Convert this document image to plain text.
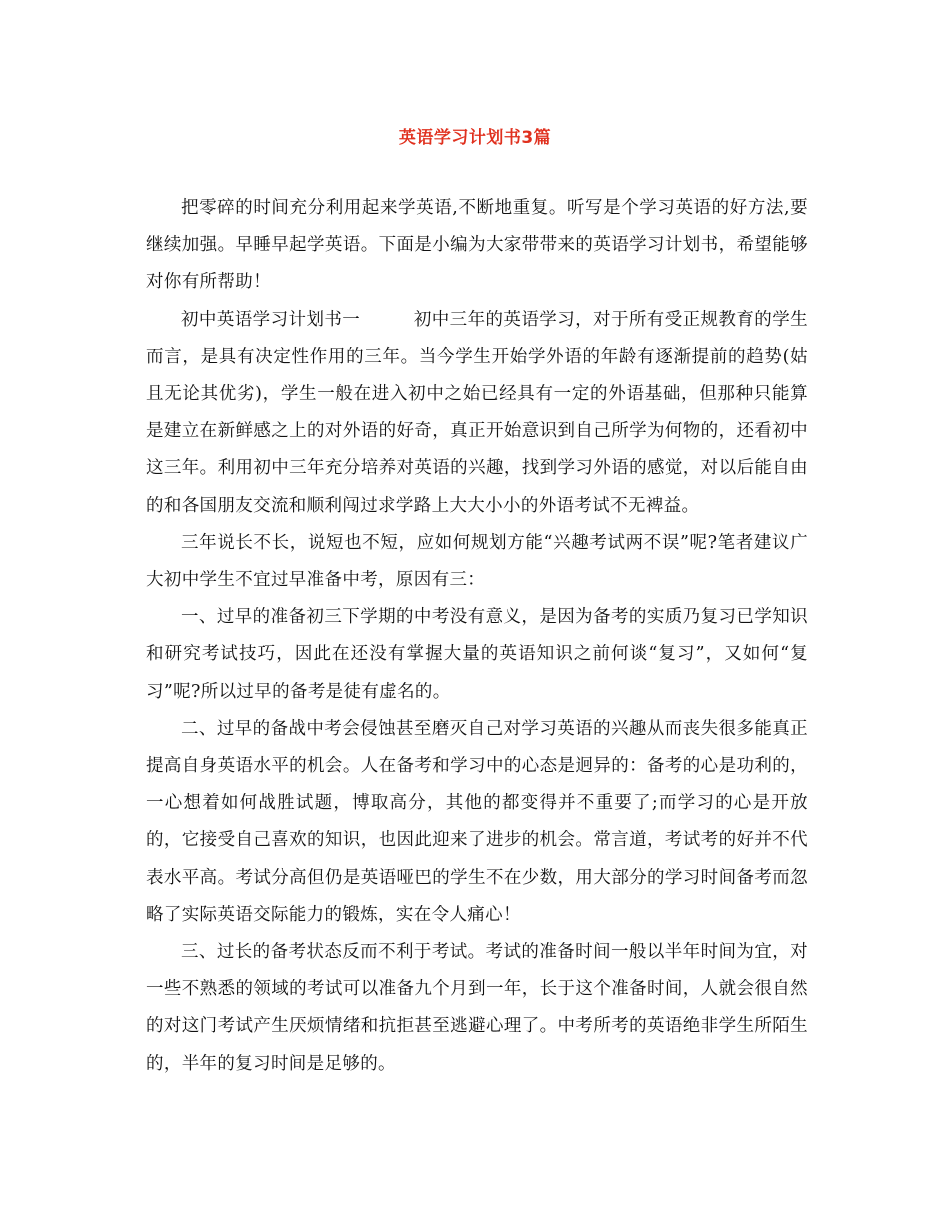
英语学习计划书3篇

把零碎的时间充分利用起来学英语,不断地重复。听写是个学习英语的好方法,要继续加强。早睡早起学英语。下面是小编为大家带带来的英语学习计划书，希望能够对你有所帮助！

初中英语学习计划书一   	初中三年的英语学习，对于所有受正规教育的学生而言，是具有决定性作用的三年。当今学生开始学外语的年龄有逐渐提前的趋势(姑且无论其优劣)，学生一般在进入初中之始已经具有一定的外语基础，但那种只能算是建立在新鲜感之上的对外语的好奇，真正开始意识到自己所学为何物的，还看初中这三年。利用初中三年充分培养对英语的兴趣，找到学习外语的感觉，对以后能自由的和各国朋友交流和顺利闯过求学路上大大小小的外语考试不无裨益。

三年说长不长，说短也不短，应如何规划方能“兴趣考试两不误”呢?笔者建议广大初中学生不宜过早准备中考，原因有三：

一、过早的准备初三下学期的中考没有意义，是因为备考的实质乃复习已学知识和研究考试技巧，因此在还没有掌握大量的英语知识之前何谈“复习”，又如何“复习”呢?所以过早的备考是徒有虚名的。

二、过早的备战中考会侵蚀甚至磨灭自己对学习英语的兴趣从而丧失很多能真正提高自身英语水平的机会。人在备考和学习中的心态是迥异的：备考的心是功利的，一心想着如何战胜试题，博取高分，其他的都变得并不重要了;而学习的心是开放的，它接受自己喜欢的知识，也因此迎来了进步的机会。常言道，考试考的好并不代表水平高。考试分高但仍是英语哑巴的学生不在少数，用大部分的学习时间备考而忽略了实际英语交际能力的锻炼，实在令人痛心！

三、过长的备考状态反而不利于考试。考试的准备时间一般以半年时间为宜，对一些不熟悉的领域的考试可以准备九个月到一年，长于这个准备时间，人就会很自然的对这门考试产生厌烦情绪和抗拒甚至逃避心理了。中考所考的英语绝非学生所陌生的，半年的复习时间是足够的。
